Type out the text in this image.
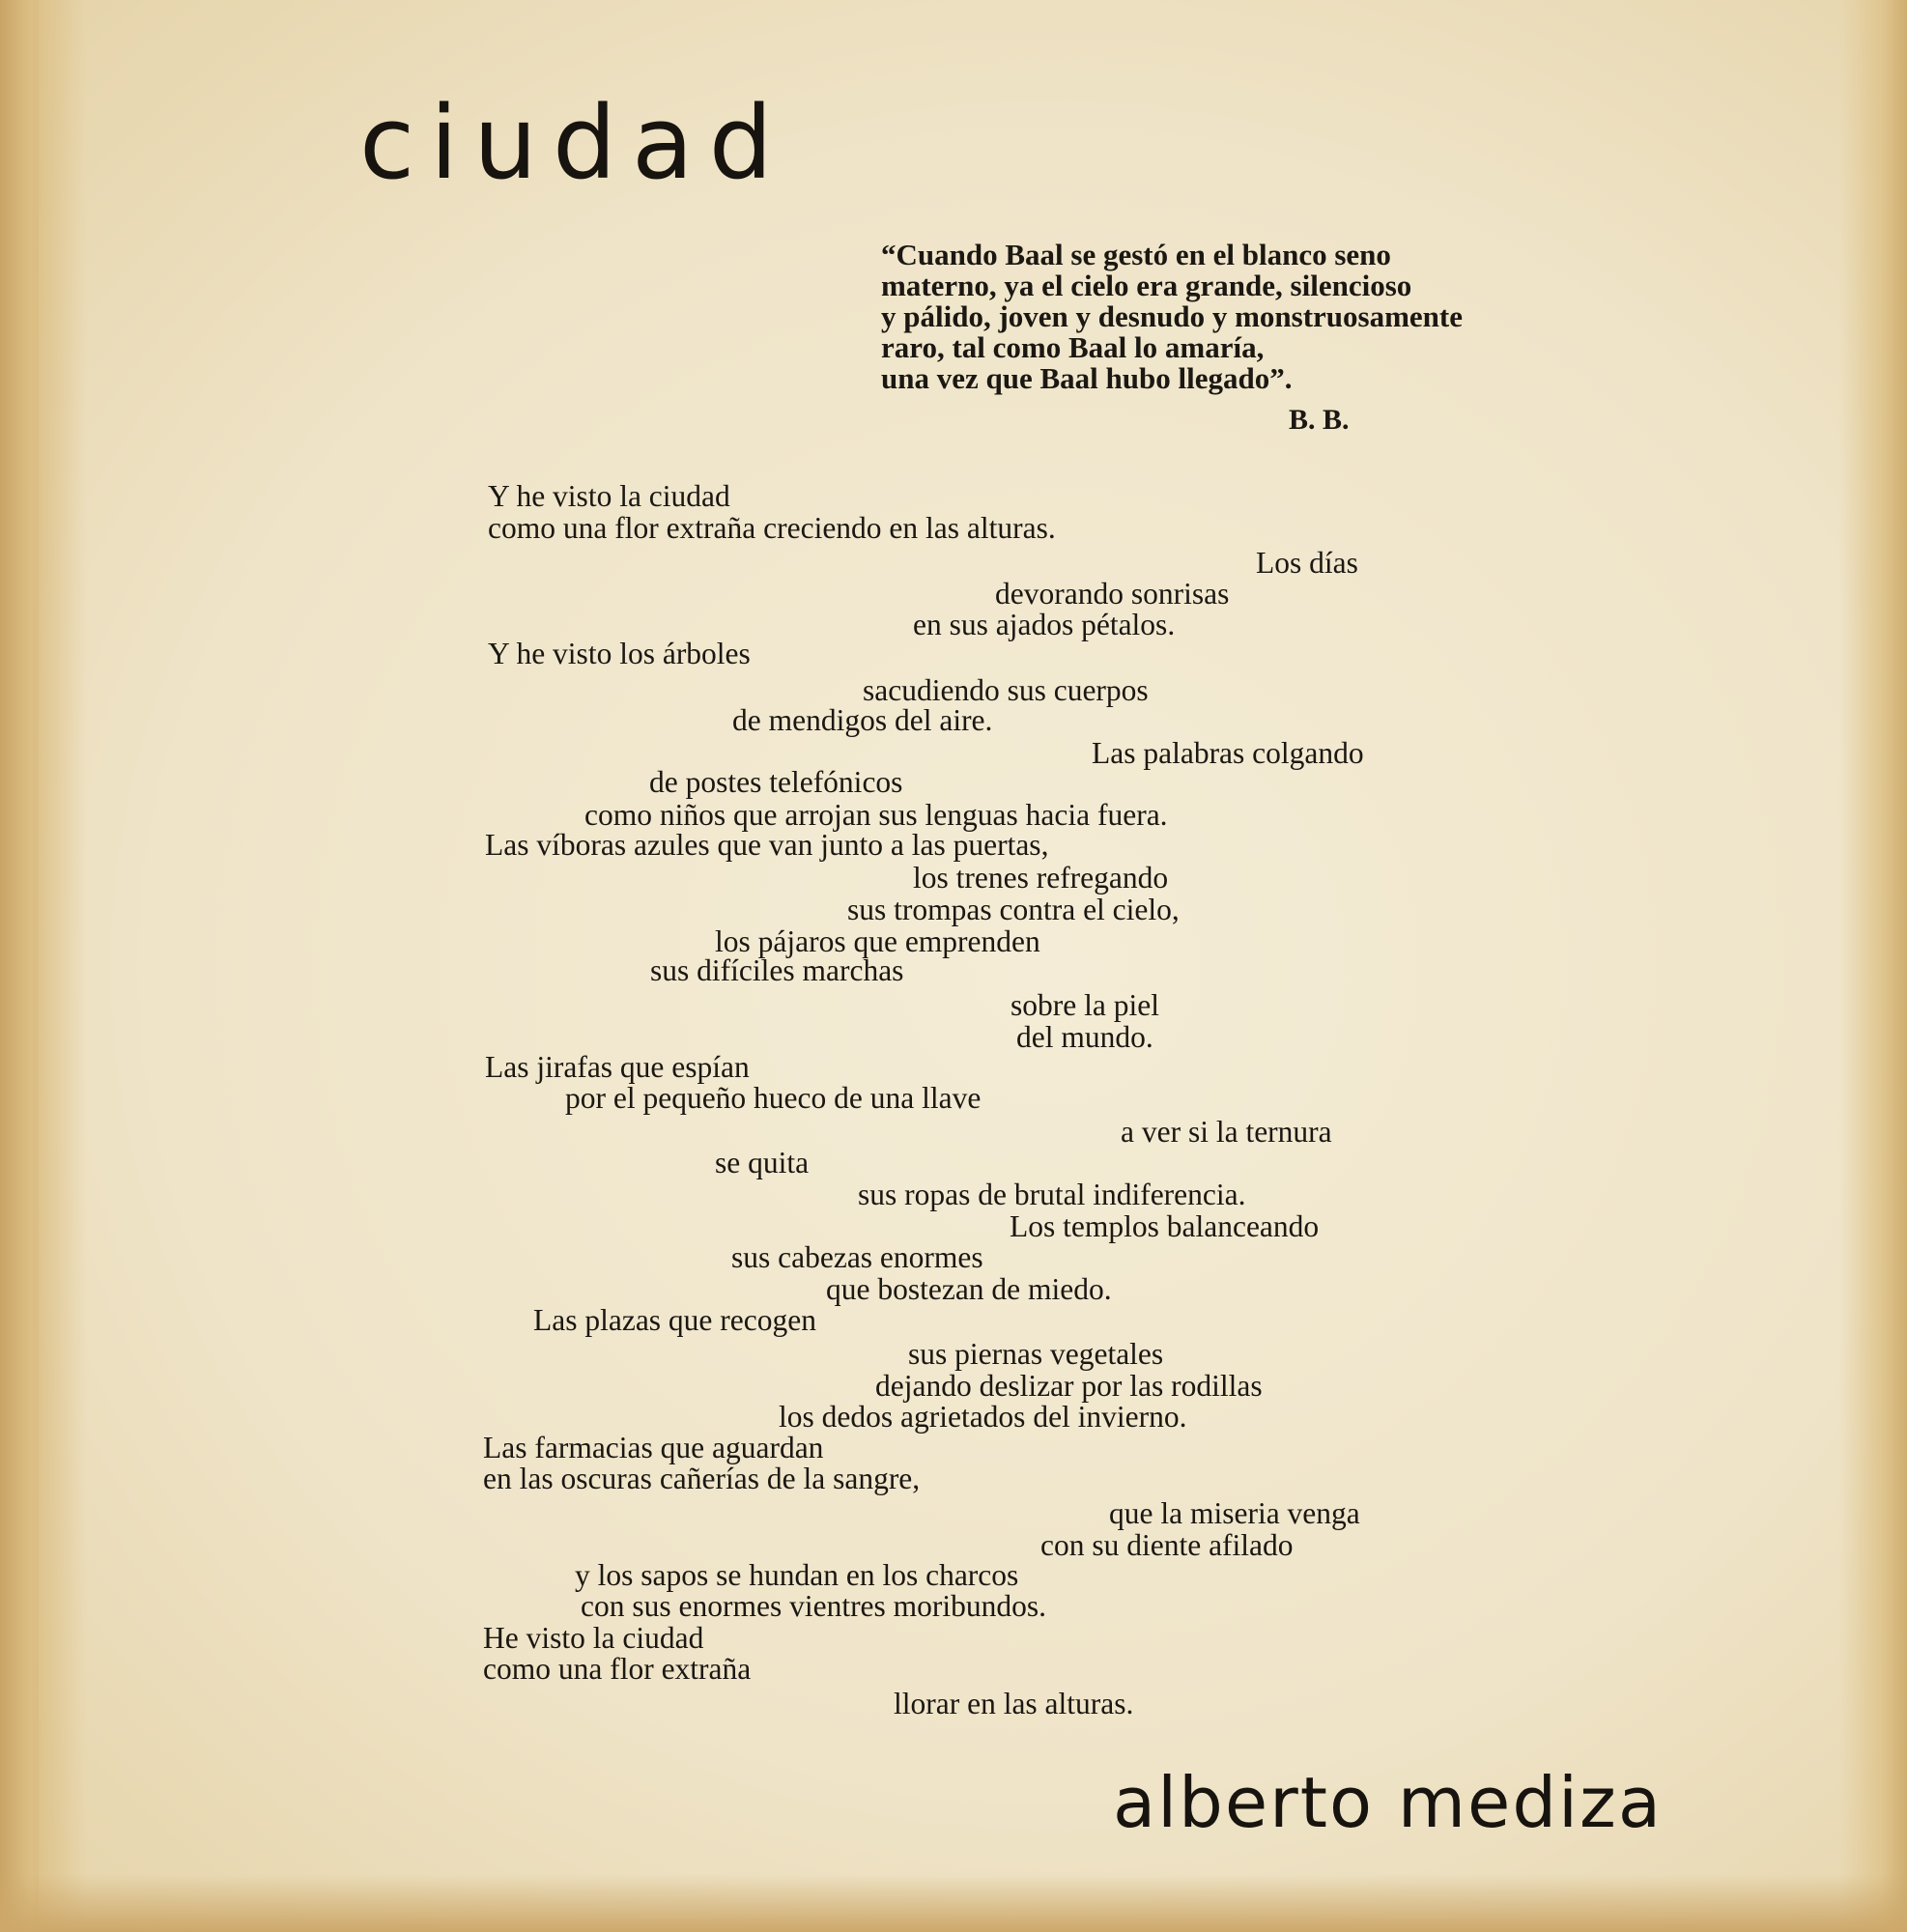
ciudad
“Cuando Baal se gestó en el blanco seno
materno, ya el cielo era grande, silencioso
y pálido, joven y desnudo y monstruosamente
raro, tal como Baal lo amaría,
una vez que Baal hubo llegado”.
B. B.
Y he visto la ciudad
como una flor extraña creciendo en las alturas.
Los días
devorando sonrisas
en sus ajados pétalos.
Y he visto los árboles
sacudiendo sus cuerpos
de mendigos del aire.
Las palabras colgando
de postes telefónicos
como niños que arrojan sus lenguas hacia fuera.
Las víboras azules que van junto a las puertas,
los trenes refregando
sus trompas contra el cielo,
los pájaros que emprenden
sus difíciles marchas
sobre la piel
del mundo.
Las jirafas que espían
por el pequeño hueco de una llave
a ver si la ternura
se quita
sus ropas de brutal indiferencia.
Los templos balanceando
sus cabezas enormes
que bostezan de miedo.
Las plazas que recogen
sus piernas vegetales
dejando deslizar por las rodillas
los dedos agrietados del invierno.
Las farmacias que aguardan
en las oscuras cañerías de la sangre,
que la miseria venga
con su diente afilado
y los sapos se hundan en los charcos
con sus enormes vientres moribundos.
He visto la ciudad
como una flor extraña
llorar en las alturas.
alberto mediza
